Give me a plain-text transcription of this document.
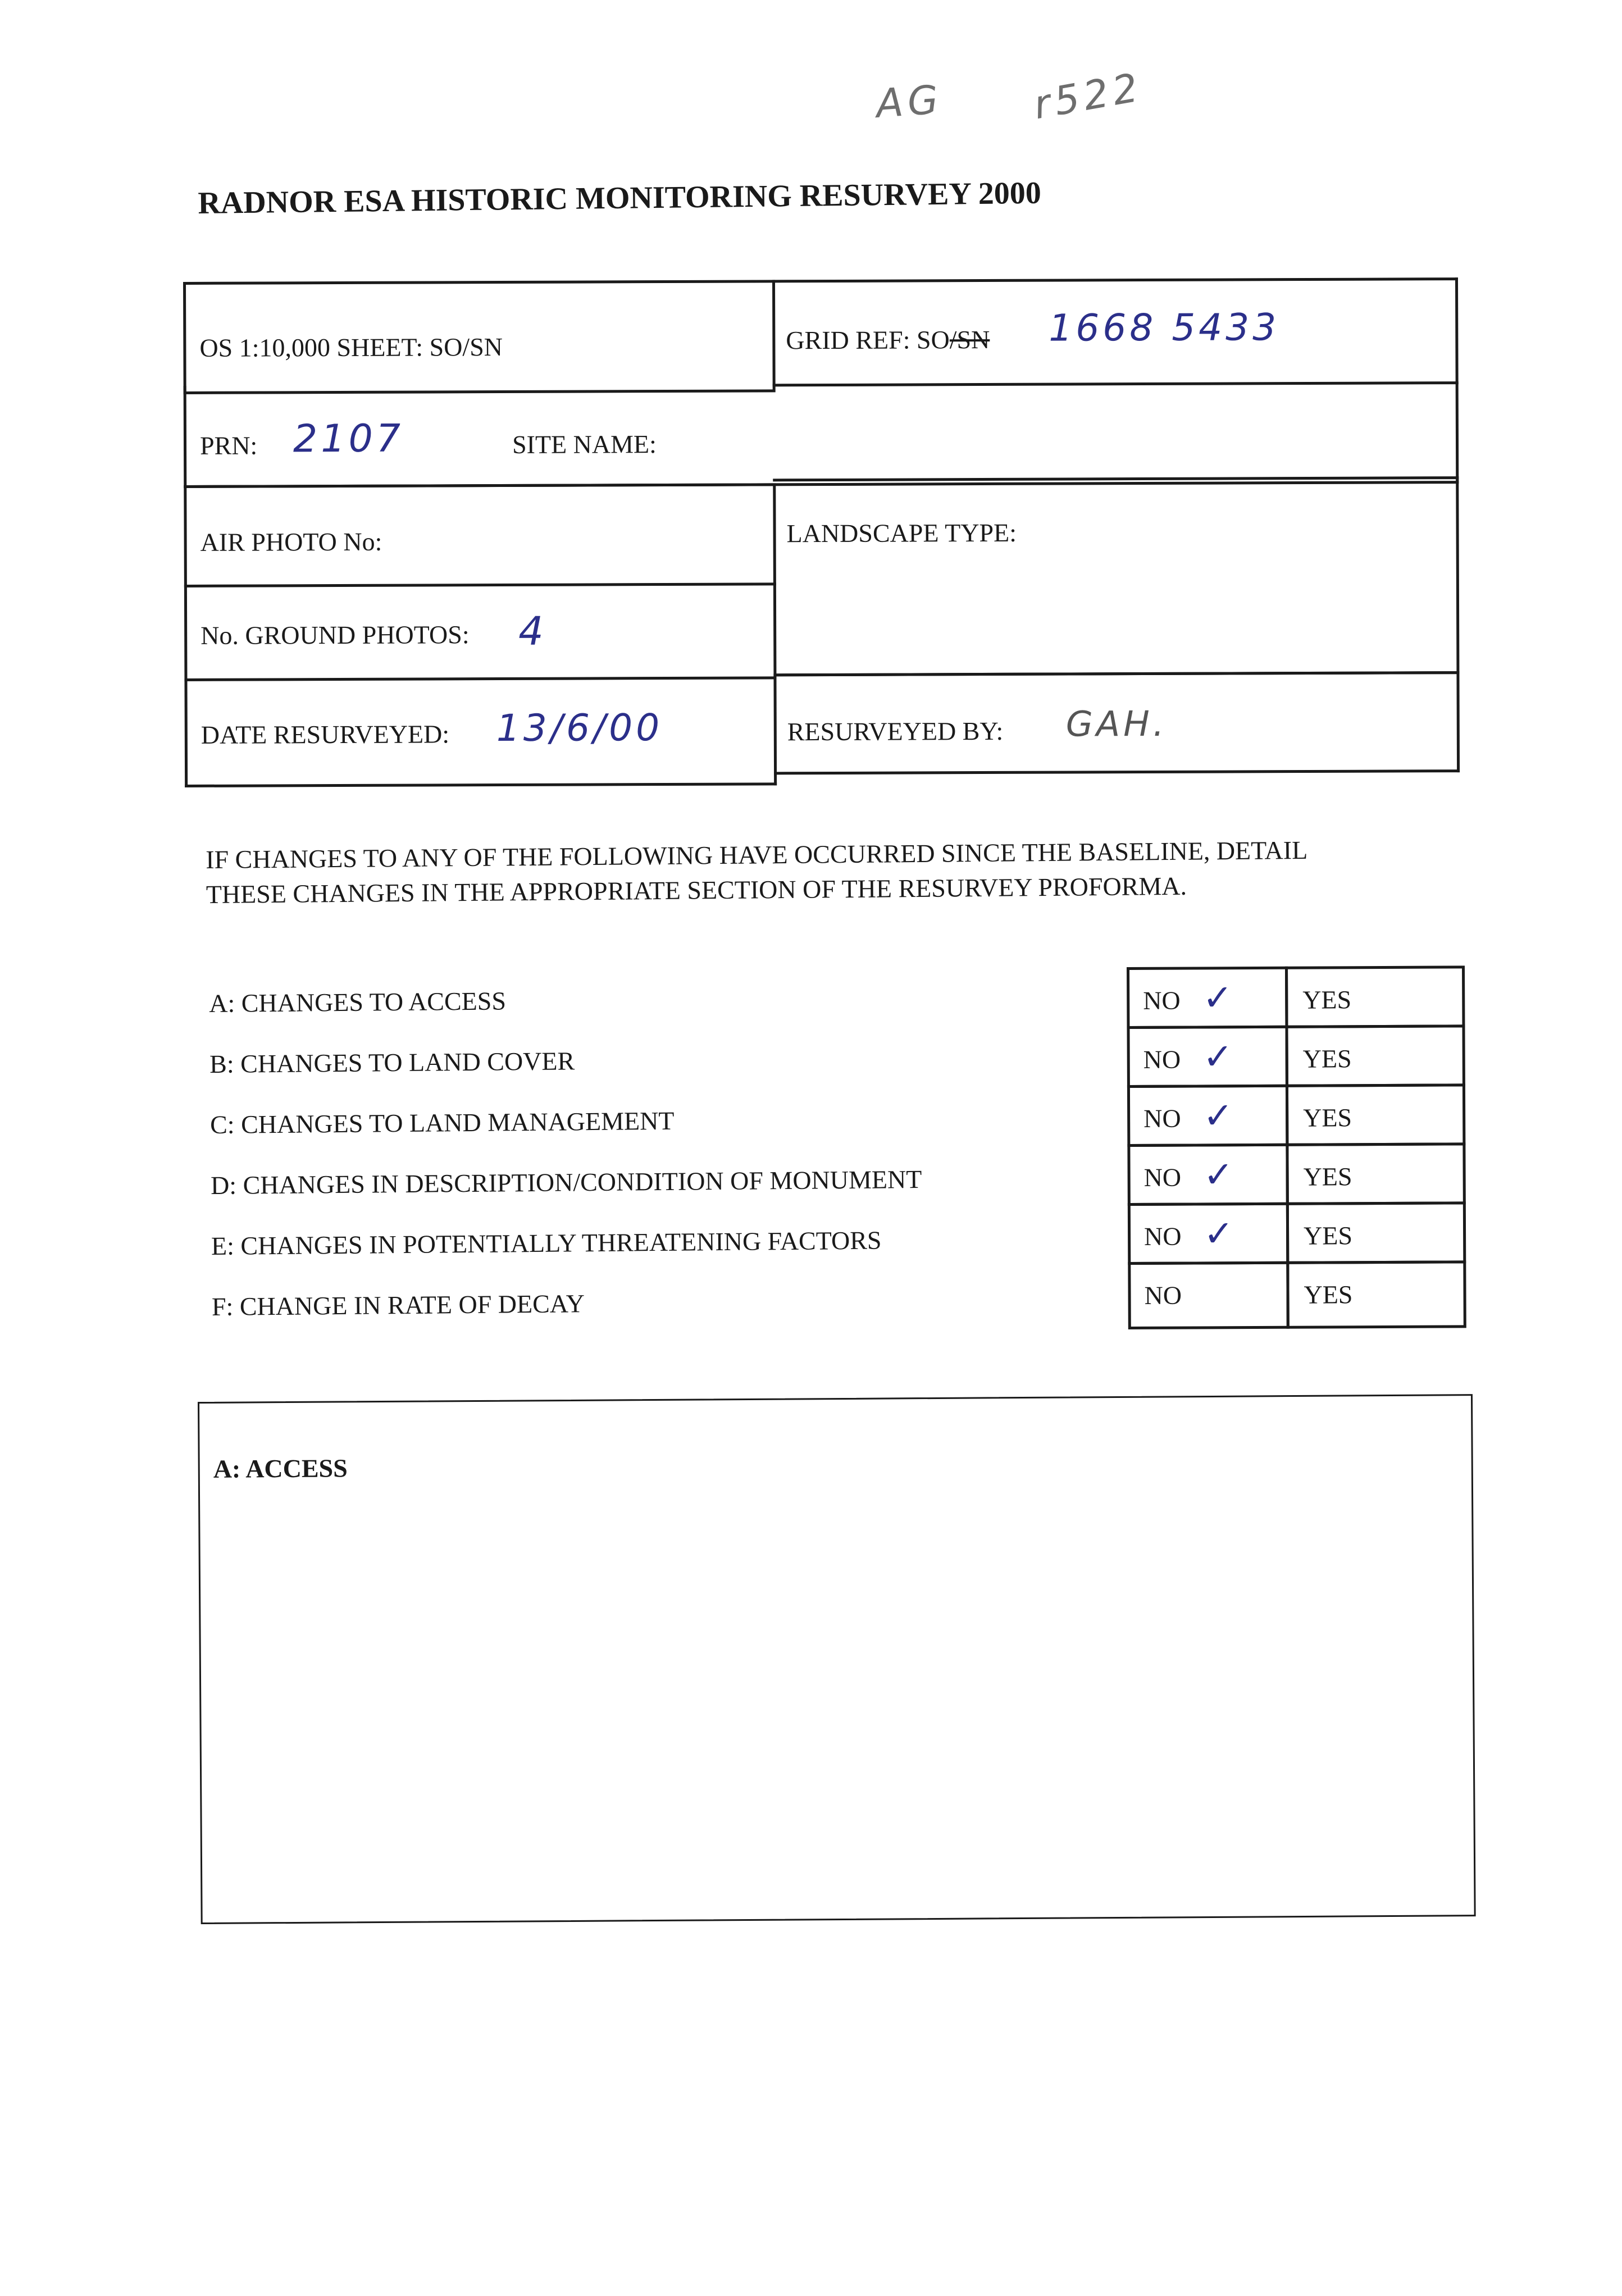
AG r522
RADNOR ESA HISTORIC MONITORING RESURVEY 2000
OS 1:10,000 SHEET: SO/SN	GRID REF: SO/SN 1668 5433
PRN: 2107	SITE NAME:
AIR PHOTO No:
No. GROUND PHOTOS: 4
LANDSCAPE TYPE:
DATE RESURVEYED: 13/6/00	RESURVEYED BY: GAH.
IF CHANGES TO ANY OF THE FOLLOWING HAVE OCCURRED SINCE THE BASELINE, DETAIL
THESE CHANGES IN THE APPROPRIATE SECTION OF THE RESURVEY PROFORMA.
A: CHANGES TO ACCESS
B: CHANGES TO LAND COVER
C: CHANGES TO LAND MANAGEMENT
D: CHANGES IN DESCRIPTION/CONDITION OF MONUMENT
E: CHANGES IN POTENTIALLY THREATENING FACTORS
F: CHANGE IN RATE OF DECAY
NO ✓	YES
NO ✓	YES
NO ✓	YES
NO ✓	YES
NO ✓	YES
NO	YES
A: ACCESS
